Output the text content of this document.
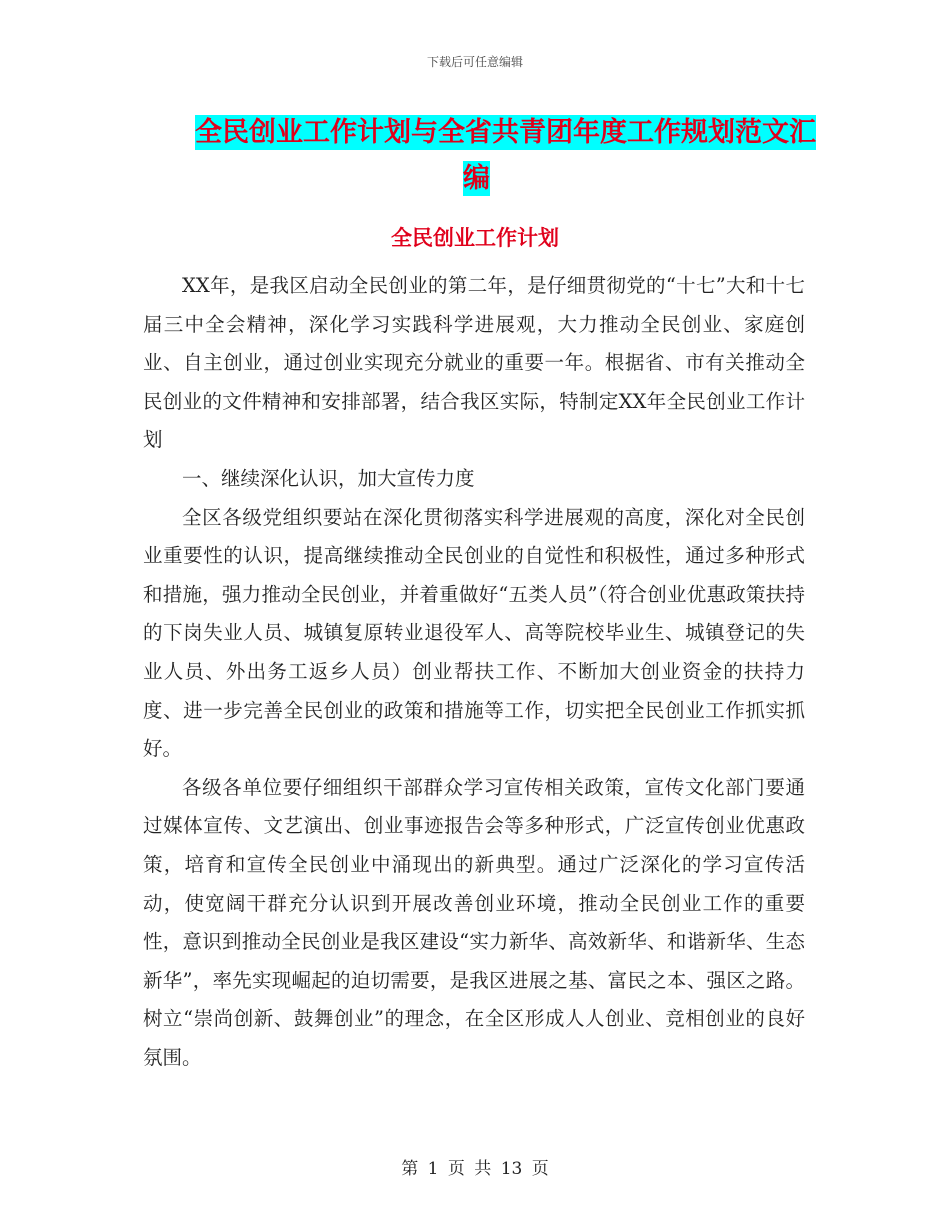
下载后可任意编辑
全民创业工作计划与全省共青团年度工作规划范文汇
编
全民创业工作计划

XX年，是我区启动全民创业的第二年，是仔细贯彻党的“十七”大和十七届三中全会精神，深化学习实践科学进展观，大力推动全民创业、家庭创业、自主创业，通过创业实现充分就业的重要一年。根据省、市有关推动全民创业的文件精神和安排部署，结合我区实际，特制定XX年全民创业工作计划

一、继续深化认识，加大宣传力度

全区各级党组织要站在深化贯彻落实科学进展观的高度，深化对全民创业重要性的认识，提高继续推动全民创业的自觉性和积极性，通过多种形式和措施，强力推动全民创业，并着重做好“五类人员”（符合创业优惠政策扶持的下岗失业人员、城镇复原转业退役军人、高等院校毕业生、城镇登记的失业人员、外出务工返乡人员）创业帮扶工作、不断加大创业资金的扶持力度、进一步完善全民创业的政策和措施等工作，切实把全民创业工作抓实抓好。

各级各单位要仔细组织干部群众学习宣传相关政策，宣传文化部门要通过媒体宣传、文艺演出、创业事迹报告会等多种形式，广泛宣传创业优惠政策，培育和宣传全民创业中涌现出的新典型。通过广泛深化的学习宣传活动，使宽阔干群充分认识到开展改善创业环境，推动全民创业工作的重要性，意识到推动全民创业是我区建设“实力新华、高效新华、和谐新华、生态新华”，率先实现崛起的迫切需要，是我区进展之基、富民之本、强区之路。树立“崇尚创新、鼓舞创业”的理念，在全区形成人人创业、竞相创业的良好氛围。

第 1 页 共 13 页
